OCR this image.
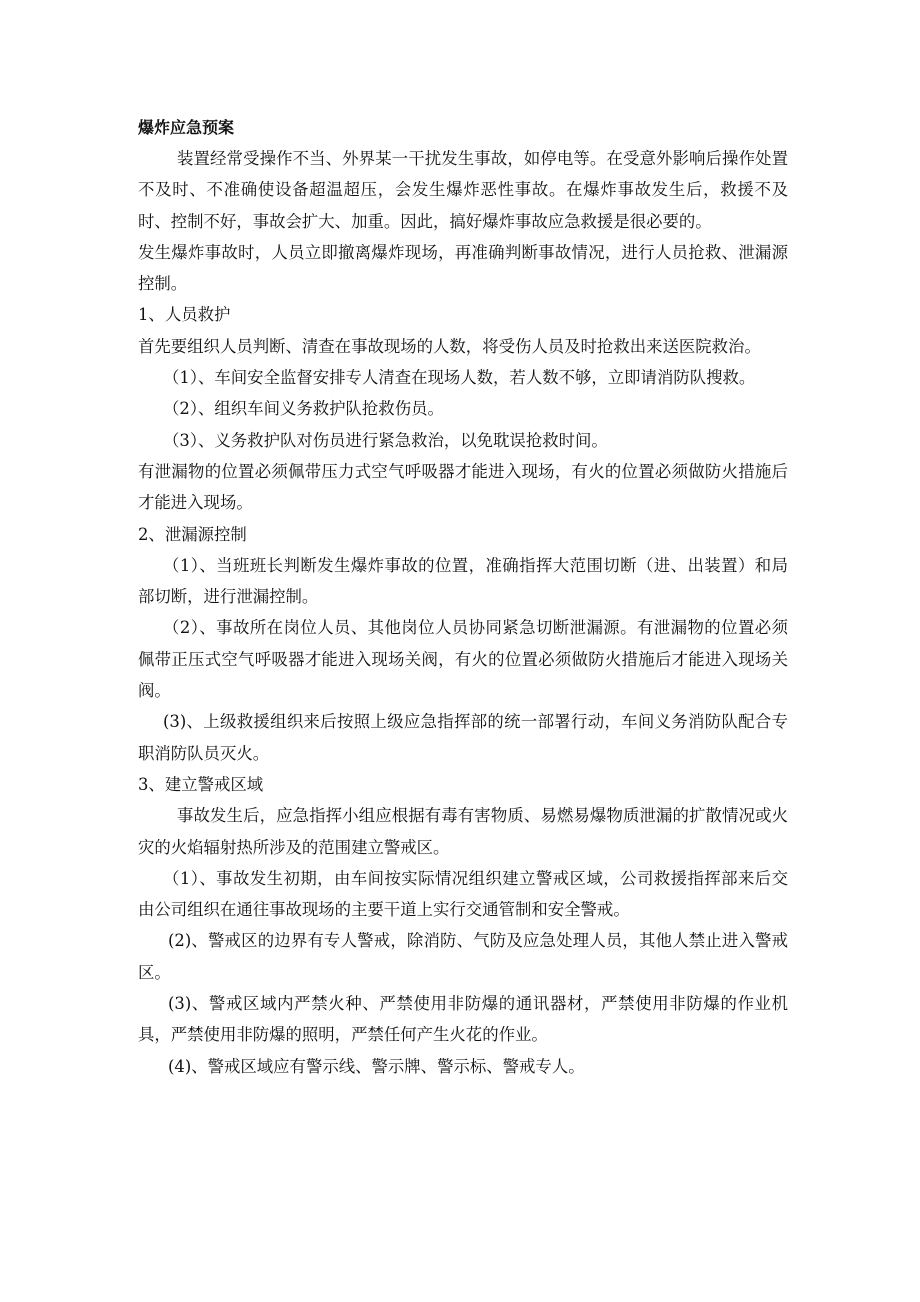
爆炸应急预案

装置经常受操作不当、外界某一干扰发生事故，如停电等。在受意外影响后操作处置不及时、不准确使设备超温超压，会发生爆炸恶性事故。在爆炸事故发生后，救援不及时、控制不好，事故会扩大、加重。因此，搞好爆炸事故应急救援是很必要的。

发生爆炸事故时，人员立即撤离爆炸现场，再准确判断事故情况，进行人员抢救、泄漏源控制。

1、人员救护

首先要组织人员判断、清查在事故现场的人数，将受伤人员及时抢救出来送医院救治。

（1）、车间安全监督安排专人清查在现场人数，若人数不够，立即请消防队搜救。

（2）、组织车间义务救护队抢救伤员。

（3）、义务救护队对伤员进行紧急救治，以免耽误抢救时间。

有泄漏物的位置必须佩带压力式空气呼吸器才能进入现场，有火的位置必须做防火措施后才能进入现场。

2、泄漏源控制

（1）、当班班长判断发生爆炸事故的位置，准确指挥大范围切断（进、出装置）和局部切断，进行泄漏控制。

（2）、事故所在岗位人员、其他岗位人员协同紧急切断泄漏源。有泄漏物的位置必须佩带正压式空气呼吸器才能进入现场关阀，有火的位置必须做防火措施后才能进入现场关阀。

(3)、上级救援组织来后按照上级应急指挥部的统一部署行动，车间义务消防队配合专职消防队员灭火。

3、建立警戒区域

事故发生后，应急指挥小组应根据有毒有害物质、易燃易爆物质泄漏的扩散情况或火灾的火焰辐射热所涉及的范围建立警戒区。

（1）、事故发生初期，由车间按实际情况组织建立警戒区域，公司救援指挥部来后交由公司组织在通往事故现场的主要干道上实行交通管制和安全警戒。

(2)、警戒区的边界有专人警戒，除消防、气防及应急处理人员，其他人禁止进入警戒区。

(3)、警戒区域内严禁火种、严禁使用非防爆的通讯器材，严禁使用非防爆的作业机具，严禁使用非防爆的照明，严禁任何产生火花的作业。

(4)、警戒区域应有警示线、警示牌、警示标、警戒专人。
